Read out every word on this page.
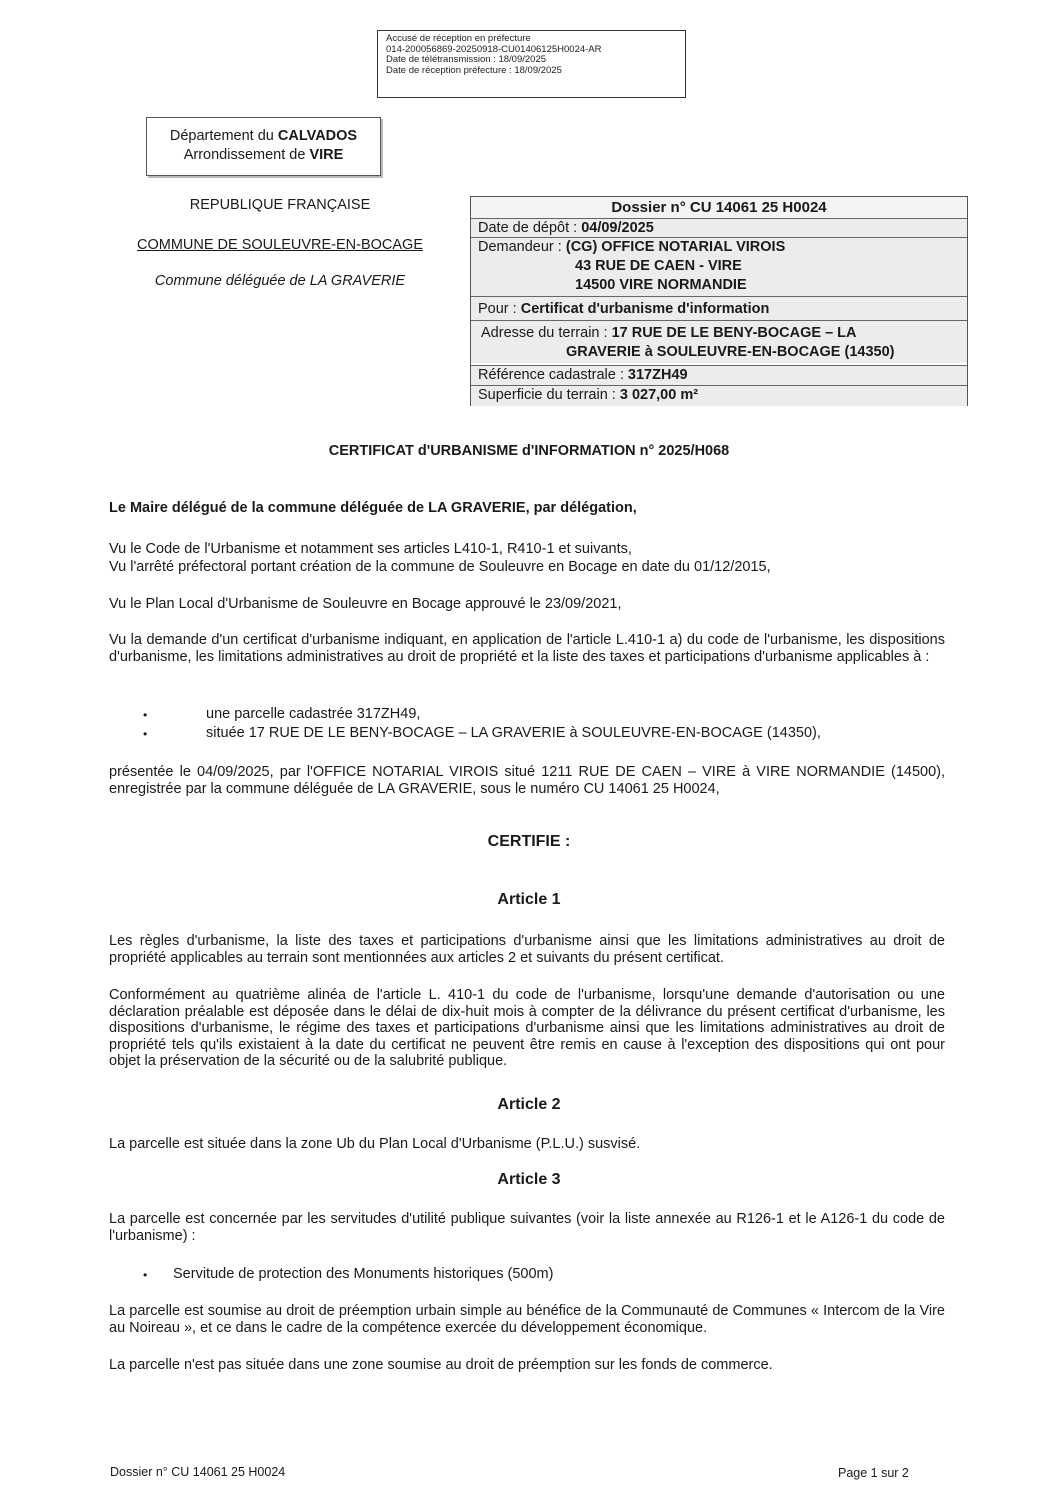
Accusé de réception en préfecture
014-200056869-20250918-CU01406125H0024-AR
Date de télétransmission : 18/09/2025
Date de réception préfecture : 18/09/2025
Département du CALVADOS
Arrondissement de VIRE
REPUBLIQUE FRANÇAISE
COMMUNE DE SOULEUVRE-EN-BOCAGE
Commune déléguée de LA GRAVERIE
Dossier n° CU 14061 25 H0024
Date de dépôt : 04/09/2025
Demandeur : (CG) OFFICE NOTARIAL VIROIS
43 RUE DE CAEN - VIRE
14500 VIRE NORMANDIE
Pour : Certificat d'urbanisme d'information
Adresse du terrain : 17 RUE DE LE BENY-BOCAGE – LA
GRAVERIE à SOULEUVRE-EN-BOCAGE (14350)
Référence cadastrale : 317ZH49
Superficie du terrain : 3 027,00 m²
CERTIFICAT d'URBANISME d'INFORMATION n° 2025/H068
Le Maire délégué de la commune déléguée de LA GRAVERIE, par délégation,
Vu le Code de l'Urbanisme et notamment ses articles L410-1, R410-1 et suivants,
Vu l'arrêté préfectoral portant création de la commune de Souleuvre en Bocage en date du 01/12/2015,
Vu le Plan Local d'Urbanisme de Souleuvre en Bocage approuvé le 23/09/2021,
Vu la demande d'un certificat d'urbanisme indiquant, en application de l'article L.410-1 a) du code de l'urbanisme, les dispositions d'urbanisme, les limitations administratives au droit de propriété et la liste des taxes et participations d'urbanisme applicables à :
•	une parcelle cadastrée 317ZH49,
•	située 17 RUE DE LE BENY-BOCAGE – LA GRAVERIE à SOULEUVRE-EN-BOCAGE (14350),
présentée le 04/09/2025, par l'OFFICE NOTARIAL VIROIS situé 1211 RUE DE CAEN – VIRE à VIRE NORMANDIE (14500), enregistrée par la commune déléguée de LA GRAVERIE, sous le numéro CU 14061 25 H0024,
CERTIFIE :
Article 1
Les règles d'urbanisme, la liste des taxes et participations d'urbanisme ainsi que les limitations administratives au droit de propriété applicables au terrain sont mentionnées aux articles 2 et suivants du présent certificat.
Conformément au quatrième alinéa de l'article L. 410-1 du code de l'urbanisme, lorsqu'une demande d'autorisation ou une déclaration préalable est déposée dans le délai de dix-huit mois à compter de la délivrance du présent certificat d'urbanisme, les dispositions d'urbanisme, le régime des taxes et participations d'urbanisme ainsi que les limitations administratives au droit de propriété tels qu'ils existaient à la date du certificat ne peuvent être remis en cause à l'exception des dispositions qui ont pour objet la préservation de la sécurité ou de la salubrité publique.
Article 2
La parcelle est située dans la zone Ub du Plan Local d'Urbanisme (P.L.U.) susvisé.
Article 3
La parcelle est concernée par les servitudes d'utilité publique suivantes (voir la liste annexée au R126-1 et le A126-1 du code de l'urbanisme) :
• Servitude de protection des Monuments historiques (500m)
La parcelle est soumise au droit de préemption urbain simple au bénéfice de la Communauté de Communes « Intercom de la Vire au Noireau », et ce dans le cadre de la compétence exercée du développement économique.
La parcelle n'est pas située dans une zone soumise au droit de préemption sur les fonds de commerce.
Dossier n° CU 14061 25 H0024	Page 1 sur 2
